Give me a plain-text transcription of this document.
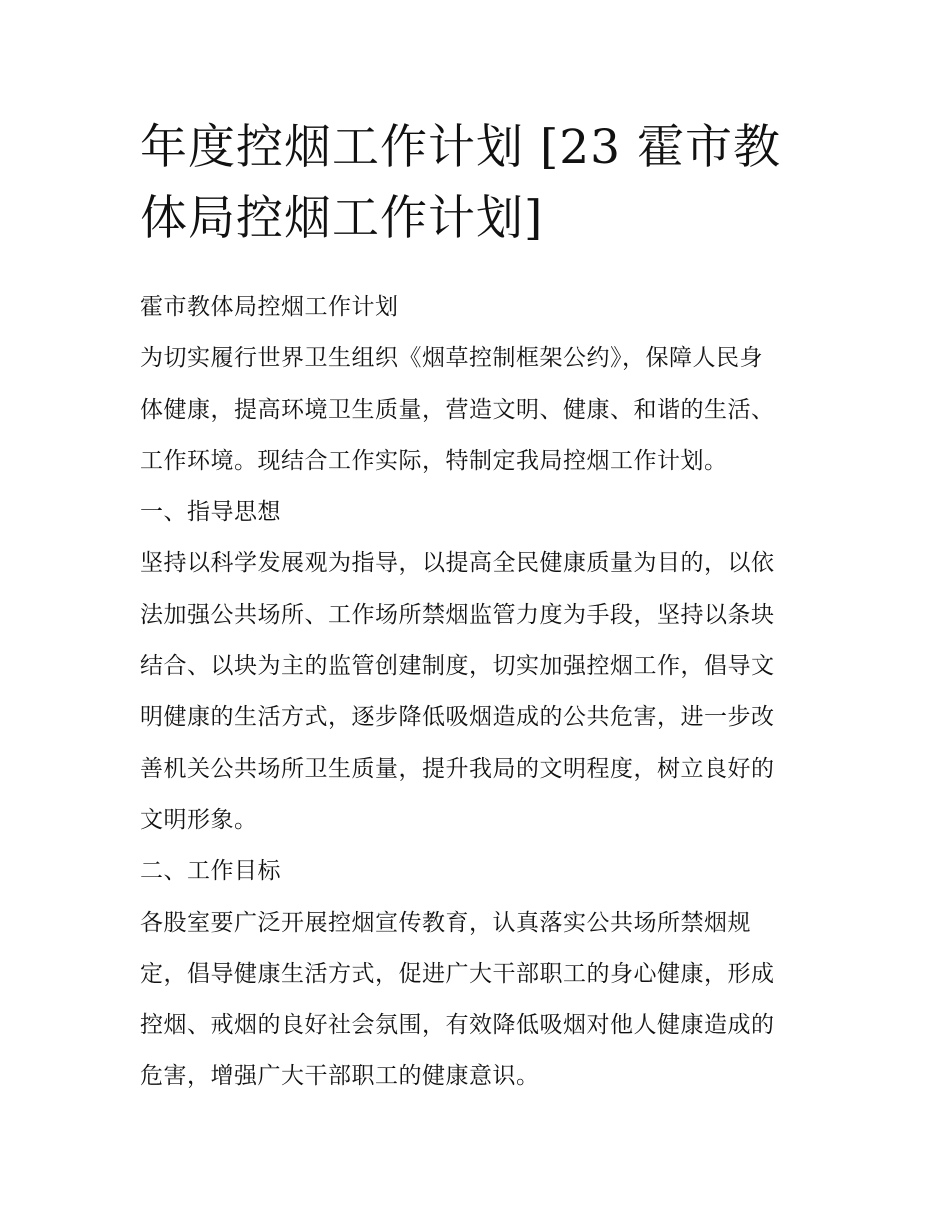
年度控烟工作计划 [23 霍市教
体局控烟工作计划]

霍市教体局控烟工作计划

为切实履行世界卫生组织《烟草控制框架公约》，保障人民身

体健康，提高环境卫生质量，营造文明、健康、和谐的生活、

工作环境。现结合工作实际，特制定我局控烟工作计划。

一、指导思想

坚持以科学发展观为指导，以提高全民健康质量为目的，以依

法加强公共场所、工作场所禁烟监管力度为手段，坚持以条块

结合、以块为主的监管创建制度，切实加强控烟工作，倡导文

明健康的生活方式，逐步降低吸烟造成的公共危害，进一步改

善机关公共场所卫生质量，提升我局的文明程度，树立良好的

文明形象。

二、工作目标

各股室要广泛开展控烟宣传教育，认真落实公共场所禁烟规

定，倡导健康生活方式，促进广大干部职工的身心健康，形成

控烟、戒烟的良好社会氛围，有效降低吸烟对他人健康造成的

危害，增强广大干部职工的健康意识。
